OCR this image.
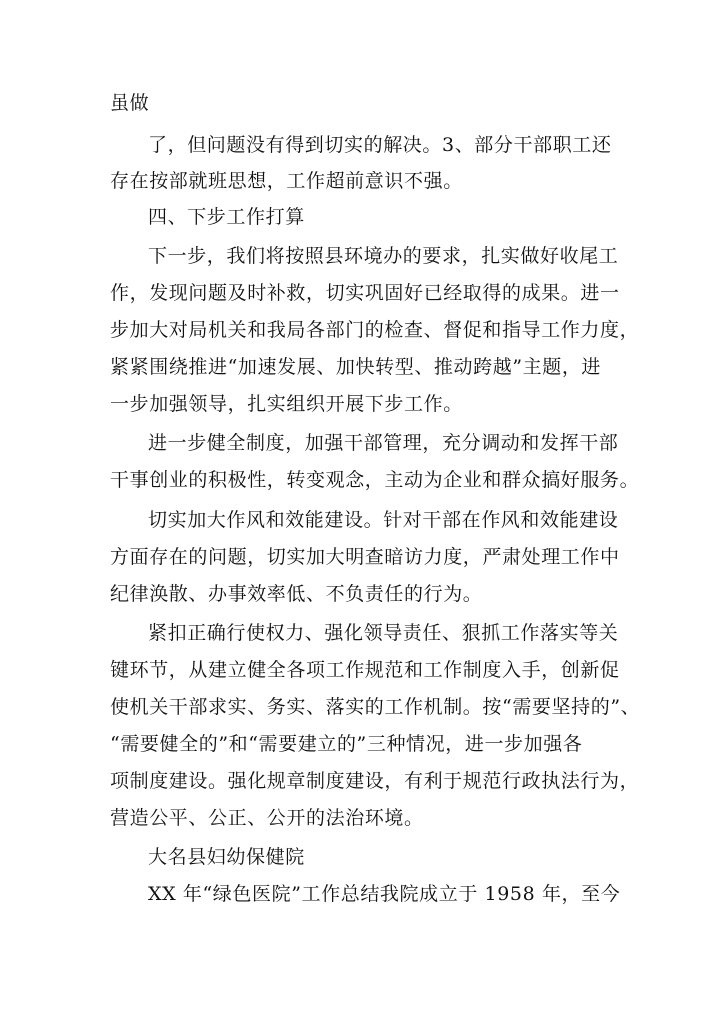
虽做
了，但问题没有得到切实的解决。3、部分干部职工还
存在按部就班思想，工作超前意识不强。
四、下步工作打算
下一步，我们将按照县环境办的要求，扎实做好收尾工
作，发现问题及时补救，切实巩固好已经取得的成果。进一
步加大对局机关和我局各部门的检查、督促和指导工作力度，
紧紧围绕推进“加速发展、加快转型、推动跨越”主题，进
一步加强领导，扎实组织开展下步工作。
进一步健全制度，加强干部管理，充分调动和发挥干部
干事创业的积极性，转变观念，主动为企业和群众搞好服务。
切实加大作风和效能建设。针对干部在作风和效能建设
方面存在的问题，切实加大明查暗访力度，严肃处理工作中
纪律涣散、办事效率低、不负责任的行为。
紧扣正确行使权力、强化领导责任、狠抓工作落实等关
键环节，从建立健全各项工作规范和工作制度入手，创新促
使机关干部求实、务实、落实的工作机制。按“需要坚持的”、
“需要健全的”和“需要建立的”三种情况，进一步加强各
项制度建设。强化规章制度建设，有利于规范行政执法行为，
营造公平、公正、公开的法治环境。
大名县妇幼保健院
XX 年“绿色医院”工作总结我院成立于 1958 年，至今
